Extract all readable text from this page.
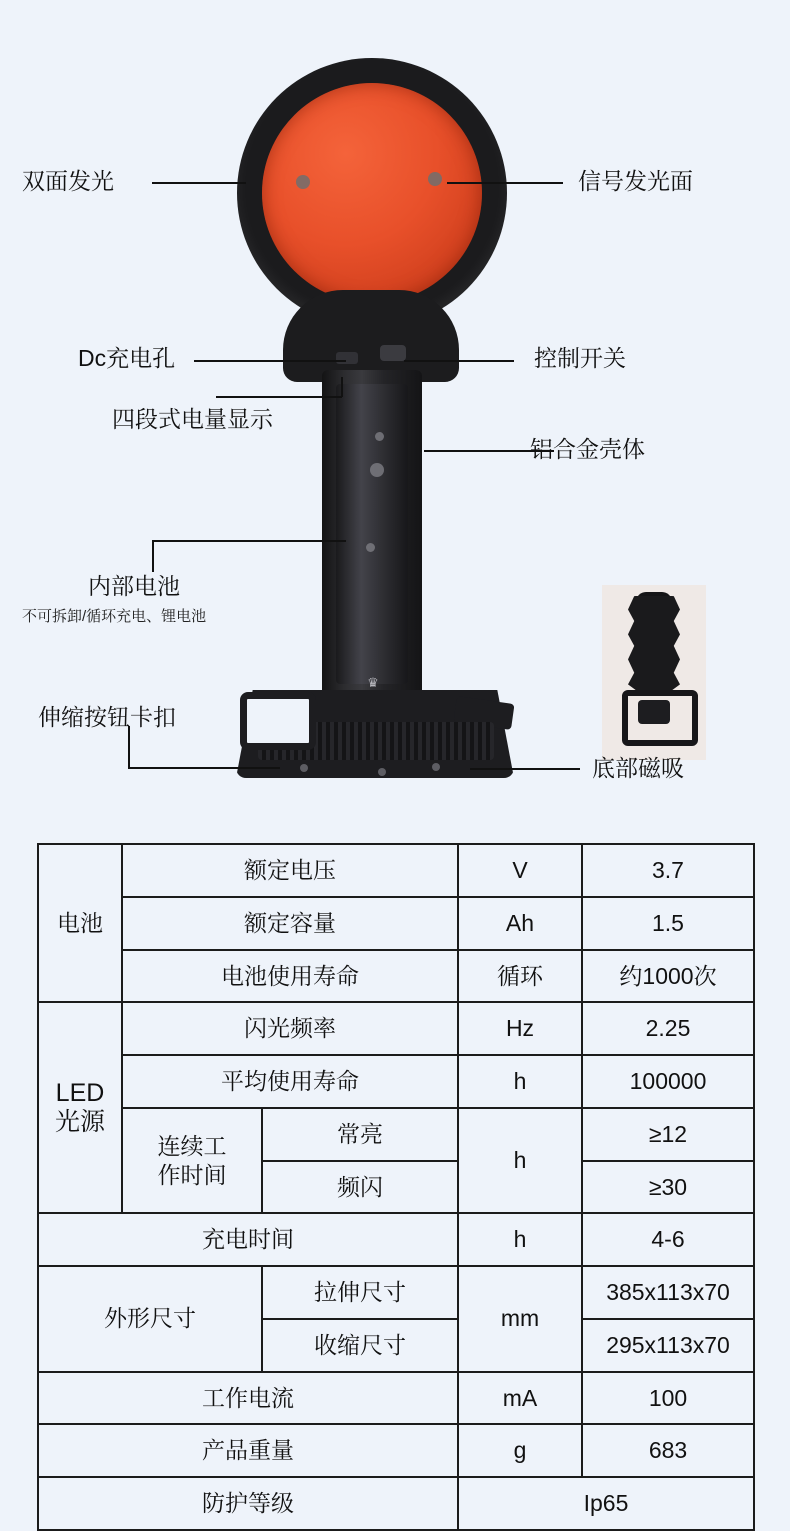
♛
双面发光	信号发光面
Dc充电孔	控制开关
四段式电量显示
铝合金壳体
内部电池
不可拆卸/循环充电、锂电池
伸缩按钮卡扣
底部磁吸
电池	额定电压		V	3.7
	额定容量		Ah	1.5
	电池使用寿命		循环	约1000次
LED
光源	闪光频率		Hz	2.25
	平均使用寿命		h	100000
	连续工
作时间	常亮	h	≥12
		频闪		≥30
充电时间			h	4-6
外形尺寸		拉伸尺寸	mm	385x113x70
		收缩尺寸		295x113x70
工作电流			mA	100
产品重量			g	683
防护等级			Ip65	
